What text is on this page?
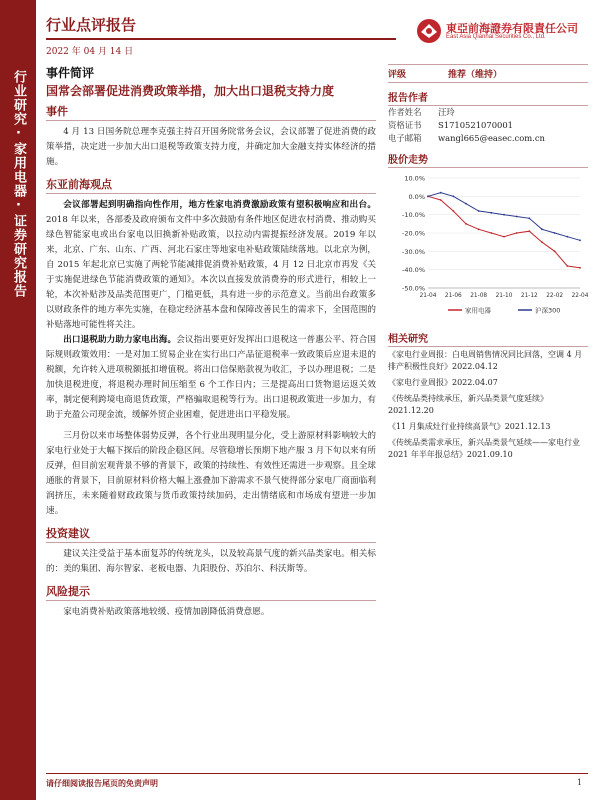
行业研究·家用电器·证券研究报告
行业点评报告
2022 年 04 月 14 日
東亞前海證券有限責任公司
East Asia Qianhai Securities Co., Ltd.
事件简评
国常会部署促进消费政策举措，加大出口退税支持力度
事件

4 月 13 日国务院总理李克强主持召开国务院常务会议，会议部署了促进消费的政策举措，决定进一步加大出口退税等政策支持力度，并确定加大金融支持实体经济的措施。

东亚前海观点

会议部署起到明确指向性作用，地方性家电消费激励政策有望积极响应和出台。2018 年以来，各部委及政府颁布文件中多次鼓励有条件地区促进农村消费、推动购买绿色智能家电或出台家电以旧换新补贴政策，以拉动内需提振经济发展。2019 年以来，北京、广东、山东、广西、河北石家庄等地家电补贴政策陆续落地。以北京为例，自 2015 年起北京已实施了两轮节能减排促消费补贴政策，4 月 12 日北京市再发《关于实施促进绿色节能消费政策的通知》。本次以直接发放消费券的形式进行，相较上一轮，本次补贴涉及品类范围更广，门槛更低，具有进一步的示范意义。当前出台政策多以财政条件的地方率先实施，在稳定经济基本盘和保障改善民生的需求下，全国范围的补贴落地可能性将关注。

出口退税助力助力家电出海。会议指出要更好发挥出口退税这一普惠公平、符合国际规则政策效用：一是对加工贸易企业在实行出口产品征退税率一致政策后应退未退的税额，允许转入进项税额抵扣增值税。将出口信保赔款视为收汇，予以办理退税；二是加快退税进度，将退税办理时间压缩至 6 个工作日内；三是提高出口货物退运返关效率，制定便利跨境电商退货政策，严格骗取退税等行为。出口退税政策进一步加力，有助于充盈公司现金流，缓解外贸企业困难，促进进出口平稳发展。

三月份以来市场整体弱势反弹，各个行业出现明显分化，受上游原材料影响较大的家电行业处于大幅下探后的阶段企稳区间。尽管稳增长预期下地产服 3 月下旬以来有所反弹，但目前宏观背景不够的背景下，政策的持续性、有效性还需进一步观察。且全球通胀的背景下，目前原材料价格大幅上涨叠加下游需求不景气使得部分家电厂商面临利润挤压，未来随着财政政策与货币政策持续加码，走出情绪底和市场成有望进一步加速。

投资建议

建议关注受益于基本面复苏的传统龙头，以及较高景气度的新兴品类家电。相关标的：美的集团、海尔智家、老板电器、九阳股份、苏泊尔、科沃斯等。

风险提示

家电消费补贴政策落地较缓、疫情加剧降低消费意愿。

评级	推荐（维持）
报告作者
作者姓名	汪玲
资格证书	S1710521070001
电子邮箱	wangl665@easec.com.cn
股价走势
10.0%
0.0%
-10.0%
-20.0%
-30.0%
-40.0%
-50.0%
21-04 21-06 21-08 21-10 21-12 22-02 22-04
家用电器	沪深300
相关研究
《家电行业周报：白电周销售情况同比回落，空调 4 月排产积极性良好》2022.04.12
《家电行业周报》2022.04.07
《传统品类持续承压，新兴品类景气度延续》2021.12.20
《11 月集成灶行业持续高景气》2021.12.13
《传统品类需求承压，新兴品类景气延续——家电行业 2021 年半年报总结》2021.09.10
请仔细阅读报告尾页的免责声明	1
